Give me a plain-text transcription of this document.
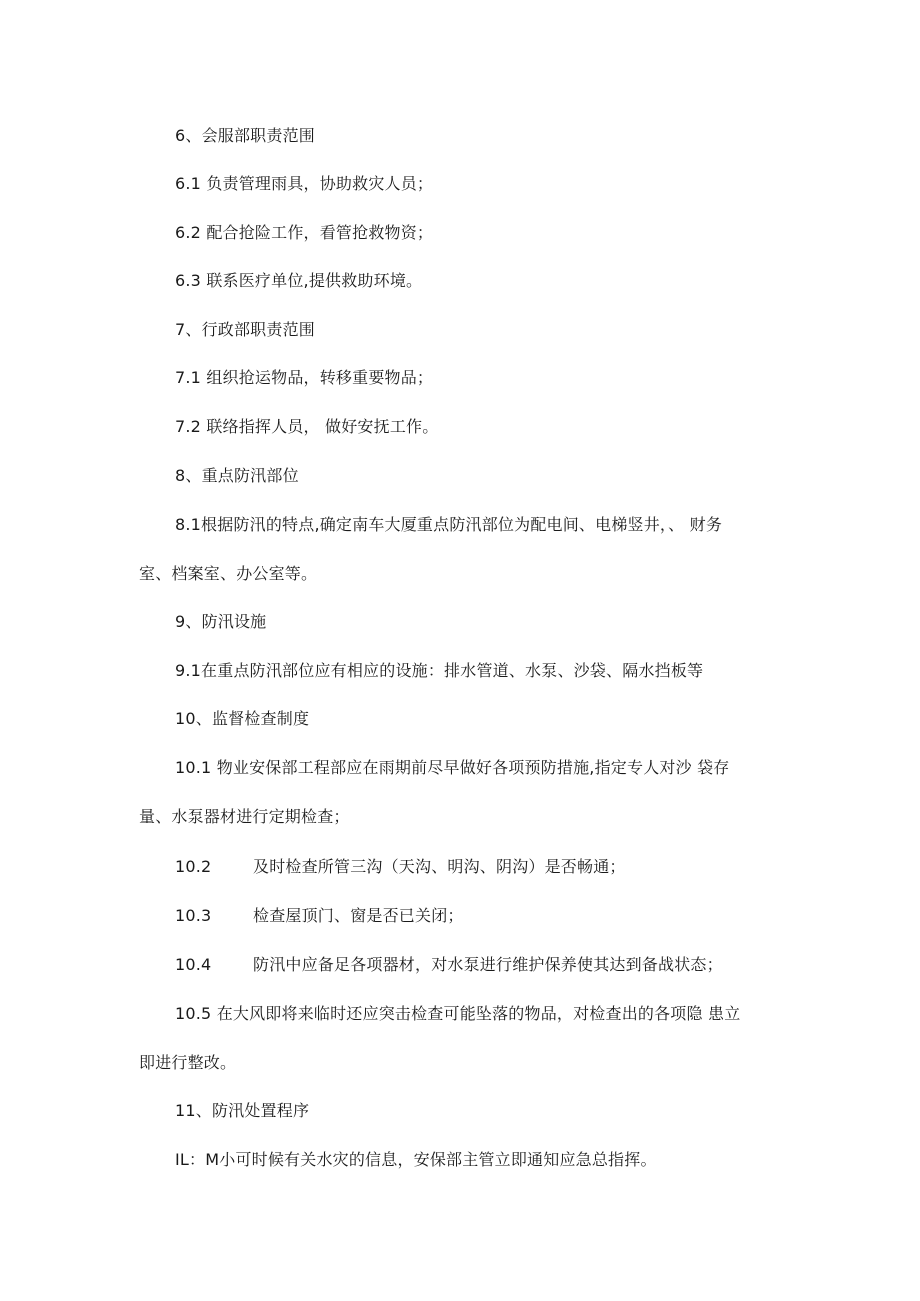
6、会服部职责范围
6.1 负责管理雨具，协助救灾人员；
6.2 配合抢险工作，看管抢救物资；
6.3 联系医疗单位,提供救助环境。
7、行政部职责范围
7.1 组织抢运物品，转移重要物品；
7.2 联络指挥人员， 做好安抚工作。
8、重点防汛部位
8.1根据防汛的特点,确定南车大厦重点防汛部位为配电间、电梯竖井，、 财务
室、档案室、办公室等。
9、防汛设施
9.1在重点防汛部位应有相应的设施：排水管道、水泵、沙袋、隔水挡板等
10、监督检查制度
10.1 物业安保部工程部应在雨期前尽早做好各项预防措施,指定专人对沙 袋存
量、水泵器材进行定期检查；
10.2	及时检查所管三沟（天沟、明沟、阴沟）是否畅通；
10.3	检查屋顶门、窗是否已关闭；
10.4	防汛中应备足各项器材，对水泵进行维护保养使其达到备战状态；
10.5 在大风即将来临时还应突击检查可能坠落的物品，对检查出的各项隐 患立
即进行整改。
11、防汛处置程序
IL：M小可时候有关水灾的信息，安保部主管立即通知应急总指挥。
